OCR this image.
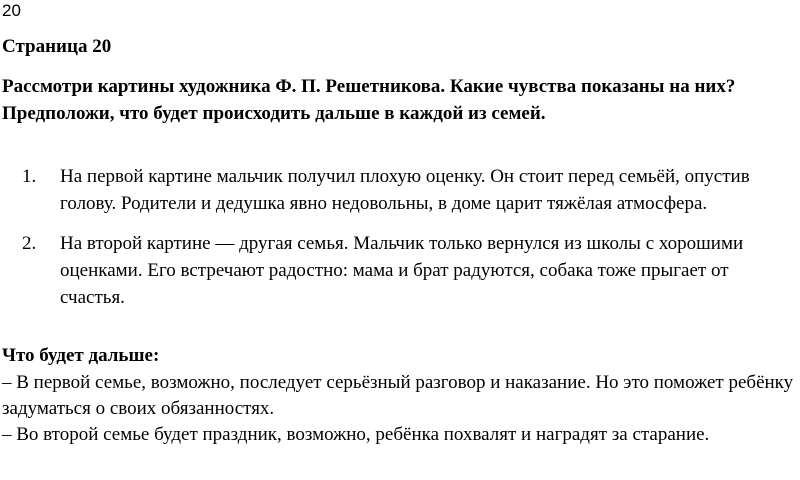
20
Страница 20
Рассмотри картины художника Ф. П. Решетникова. Какие чувства показаны на них? Предположи, что будет происходить дальше в каждой из семей.
1. На первой картине мальчик получил плохую оценку. Он стоит перед семьёй, опустив голову. Родители и дедушка явно недовольны, в доме царит тяжёлая атмосфера.
2. На второй картине — другая семья. Мальчик только вернулся из школы с хорошими оценками. Его встречают радостно: мама и брат радуются, собака тоже прыгает от счастья.
Что будет дальше:

– В первой семье, возможно, последует серьёзный разговор и наказание. Но это поможет ребёнку задуматься о своих обязанностях.

– Во второй семье будет праздник, возможно, ребёнка похвалят и наградят за старание.
